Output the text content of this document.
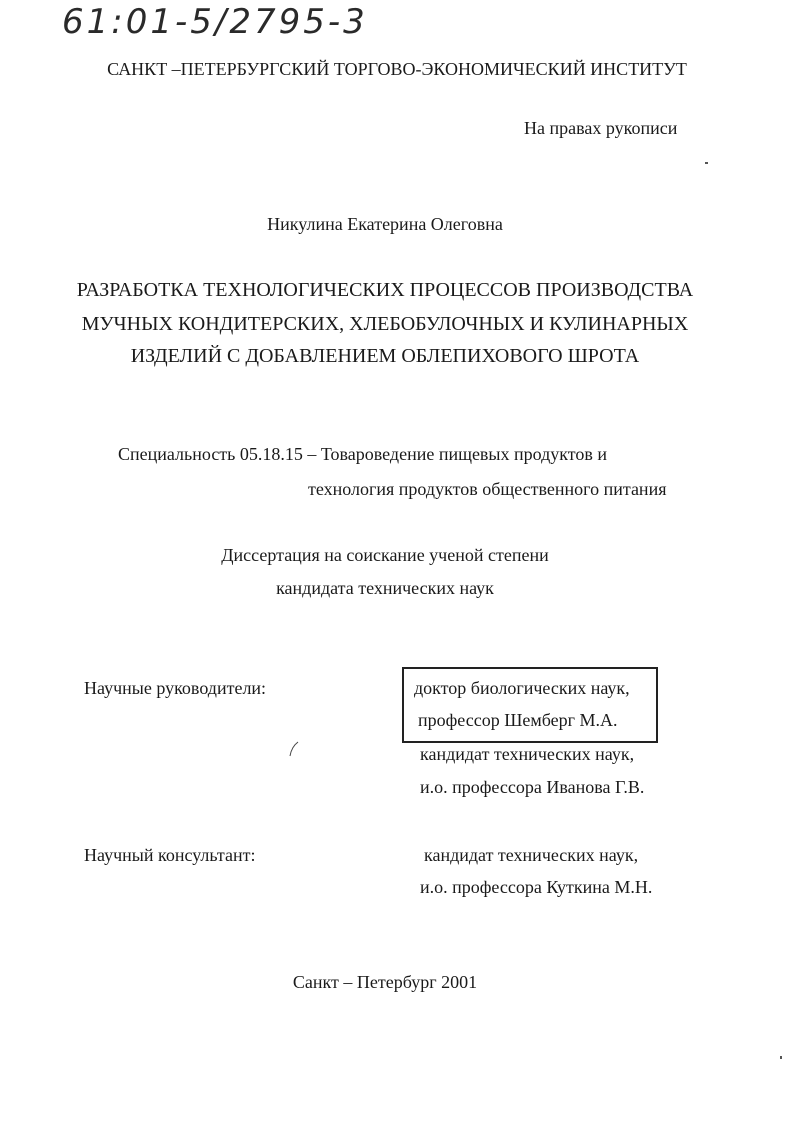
61:01-5/2795-3
САНКТ –ПЕТЕРБУРГСКИЙ ТОРГОВО-ЭКОНОМИЧЕСКИЙ ИНСТИТУТ
На правах рукописи
Никулина Екатерина Олеговна
РАЗРАБОТКА ТЕХНОЛОГИЧЕСКИХ ПРОЦЕССОВ ПРОИЗВОДСТВА
МУЧНЫХ КОНДИТЕРСКИХ, ХЛЕБОБУЛОЧНЫХ И КУЛИНАРНЫХ
ИЗДЕЛИЙ С ДОБАВЛЕНИЕМ ОБЛЕПИХОВОГО ШРОТА
Специальность 05.18.15 – Товароведение пищевых продуктов и
технология продуктов общественного питания
Диссертация на соискание ученой степени
кандидата технических наук
Научные руководители:	доктор биологических наук,
профессор Шемберг М.А.
кандидат технических наук,
и.о. профессора Иванова Г.В.
Научный консультант:	кандидат технических наук,
и.о. профессора Куткина М.Н.
Санкт – Петербург 2001
